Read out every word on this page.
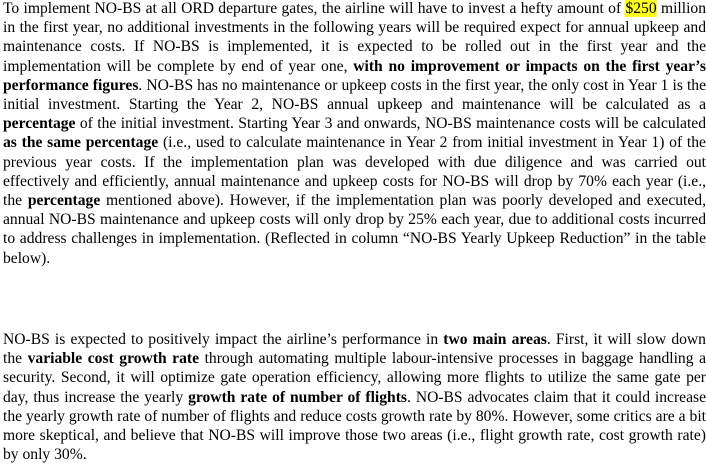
To implement NO-BS at all ORD departure gates, the airline will have to invest a hefty amount of $250 million in the first year, no additional investments in the following years will be required expect for annual upkeep and maintenance costs. If NO-BS is implemented, it is expected to be rolled out in the first year and the implementation will be complete by end of year one, with no improvement or impacts on the first year’s performance figures. NO-BS has no maintenance or upkeep costs in the first year, the only cost in Year 1 is the initial investment. Starting the Year 2, NO-BS annual upkeep and maintenance will be calculated as a percentage of the initial investment. Starting Year 3 and onwards, NO-BS maintenance costs will be calculated as the same percentage (i.e., used to calculate maintenance in Year 2 from initial investment in Year 1) of the previous year costs. If the implementation plan was developed with due diligence and was carried out effectively and efficiently, annual maintenance and upkeep costs for NO-BS will drop by 70% each year (i.e., the percentage mentioned above). However, if the implementation plan was poorly developed and executed, annual NO-BS maintenance and upkeep costs will only drop by 25% each year, due to additional costs incurred to address challenges in implementation. (Reflected in column “NO-BS Yearly Upkeep Reduction” in the table below).

NO-BS is expected to positively impact the airline’s performance in two main areas. First, it will slow down the variable cost growth rate through automating multiple labour-intensive processes in baggage handling a security. Second, it will optimize gate operation efficiency, allowing more flights to utilize the same gate per day, thus increase the yearly growth rate of number of flights. NO-BS advocates claim that it could increase the yearly growth rate of number of flights and reduce costs growth rate by 80%. However, some critics are a bit more skeptical, and believe that NO-BS will improve those two areas (i.e., flight growth rate, cost growth rate) by only 30%.
